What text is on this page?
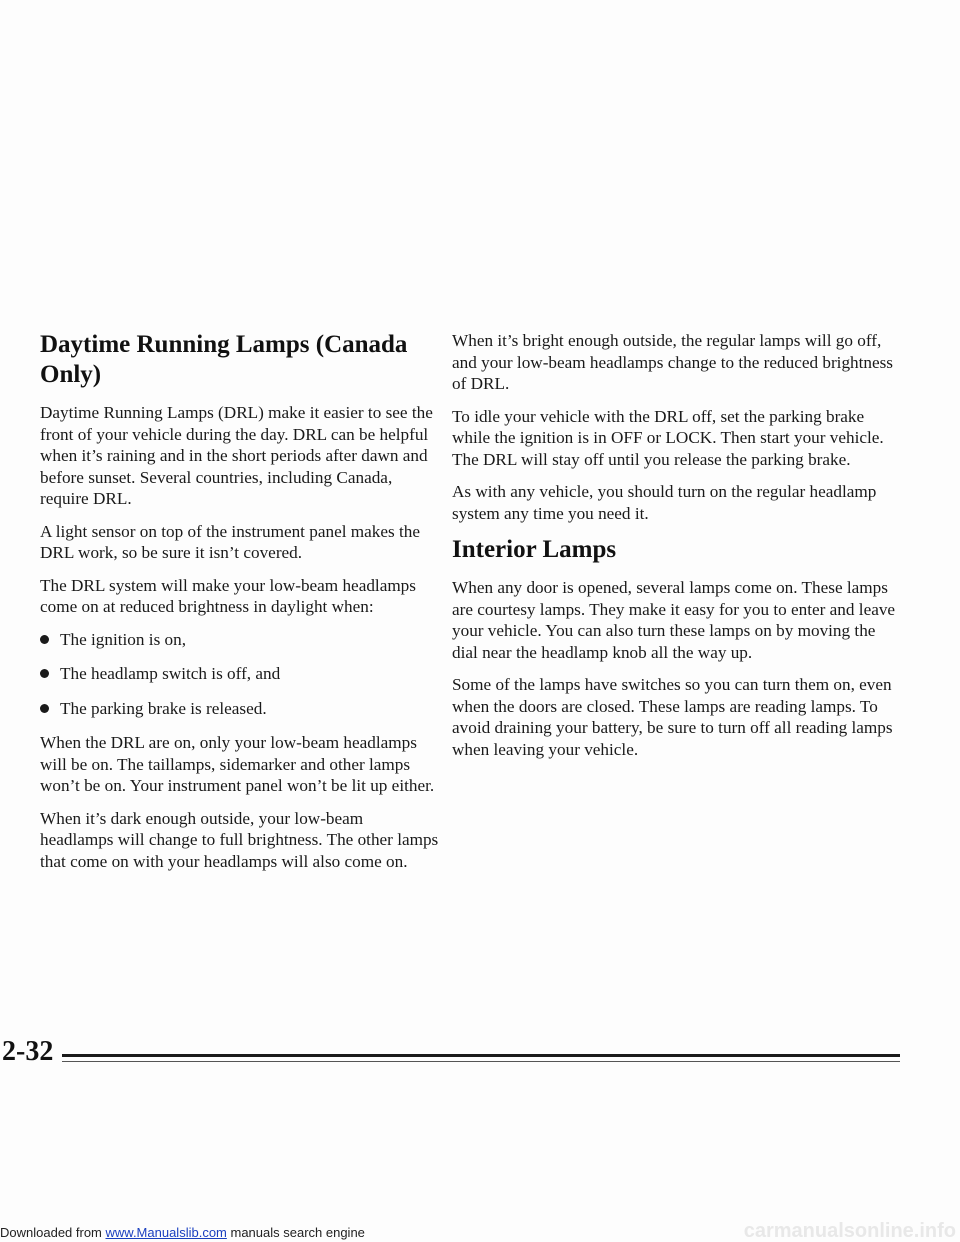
Daytime Running Lamps (Canada Only)

Daytime Running Lamps (DRL) make it easier to see the front of your vehicle during the day. DRL can be helpful when it’s raining and in the short periods after dawn and before sunset. Several countries, including Canada, require DRL.

A light sensor on top of the instrument panel makes the DRL work, so be sure it isn’t covered.

The DRL system will make your low-beam headlamps come on at reduced brightness in daylight when:

The ignition is on,
The headlamp switch is off, and
The parking brake is released.

When the DRL are on, only your low-beam headlamps will be on. The taillamps, sidemarker and other lamps won’t be on. Your instrument panel won’t be lit up either.

When it’s dark enough outside, your low-beam headlamps will change to full brightness. The other lamps that come on with your headlamps will also come on.

When it’s bright enough outside, the regular lamps will go off, and your low-beam headlamps change to the reduced brightness of DRL.

To idle your vehicle with the DRL off, set the parking brake while the ignition is in OFF or LOCK. Then start your vehicle. The DRL will stay off until you release the parking brake.

As with any vehicle, you should turn on the regular headlamp system any time you need it.

Interior Lamps

When any door is opened, several lamps come on. These lamps are courtesy lamps. They make it easy for you to enter and leave your vehicle. You can also turn these lamps on by moving the dial near the headlamp knob all the way up.

Some of the lamps have switches so you can turn them on, even when the doors are closed. These lamps are reading lamps. To avoid draining your battery, be sure to turn off all reading lamps when leaving your vehicle.

2-32
Downloaded from www.Manualslib.com manuals search engine	carmanualsonline.info
